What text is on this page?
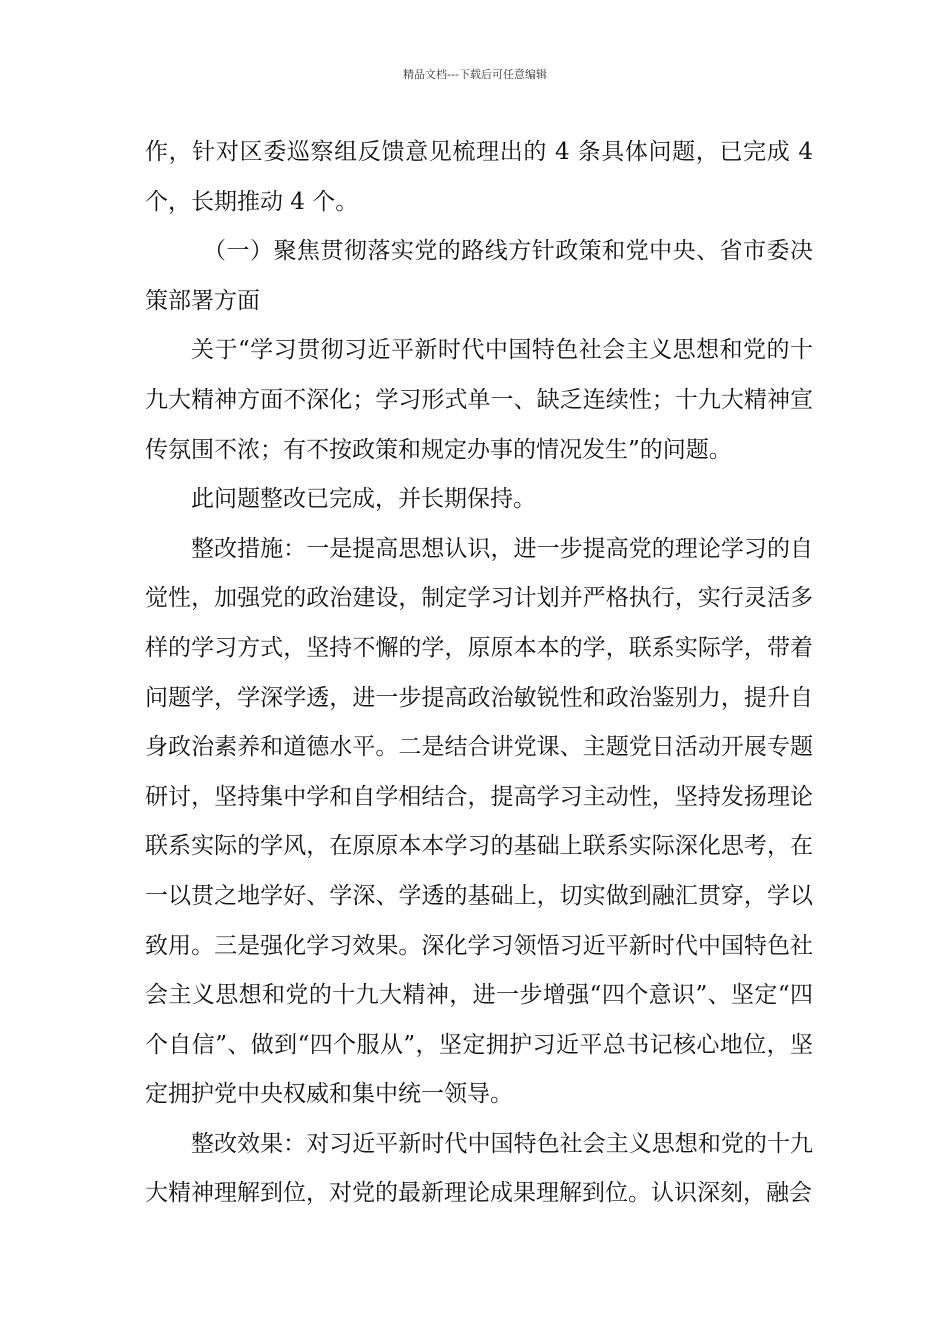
精品文档---下载后可任意编辑

作，针对区委巡察组反馈意见梳理出的 4 条具体问题，已完成 4 个，长期推动 4 个。

（一）聚焦贯彻落实党的路线方针政策和党中央、省市委决策部署方面

关于“学习贯彻习近平新时代中国特色社会主义思想和党的十九大精神方面不深化；学习形式单一、缺乏连续性；十九大精神宣传氛围不浓；有不按政策和规定办事的情况发生”的问题。

此问题整改已完成，并长期保持。

整改措施：一是提高思想认识，进一步提高党的理论学习的自觉性，加强党的政治建设，制定学习计划并严格执行，实行灵活多样的学习方式，坚持不懈的学，原原本本的学，联系实际学，带着问题学，学深学透，进一步提高政治敏锐性和政治鉴别力，提升自身政治素养和道德水平。二是结合讲党课、主题党日活动开展专题研讨，坚持集中学和自学相结合，提高学习主动性，坚持发扬理论联系实际的学风，在原原本本学习的基础上联系实际深化思考，在一以贯之地学好、学深、学透的基础上，切实做到融汇贯穿，学以致用。三是强化学习效果。深化学习领悟习近平新时代中国特色社会主义思想和党的十九大精神，进一步增强“四个意识”、坚定“四个自信”、做到“四个服从”，坚定拥护习近平总书记核心地位，坚定拥护党中央权威和集中统一领导。

整改效果：对习近平新时代中国特色社会主义思想和党的十九大精神理解到位，对党的最新理论成果理解到位。认识深刻，融会
